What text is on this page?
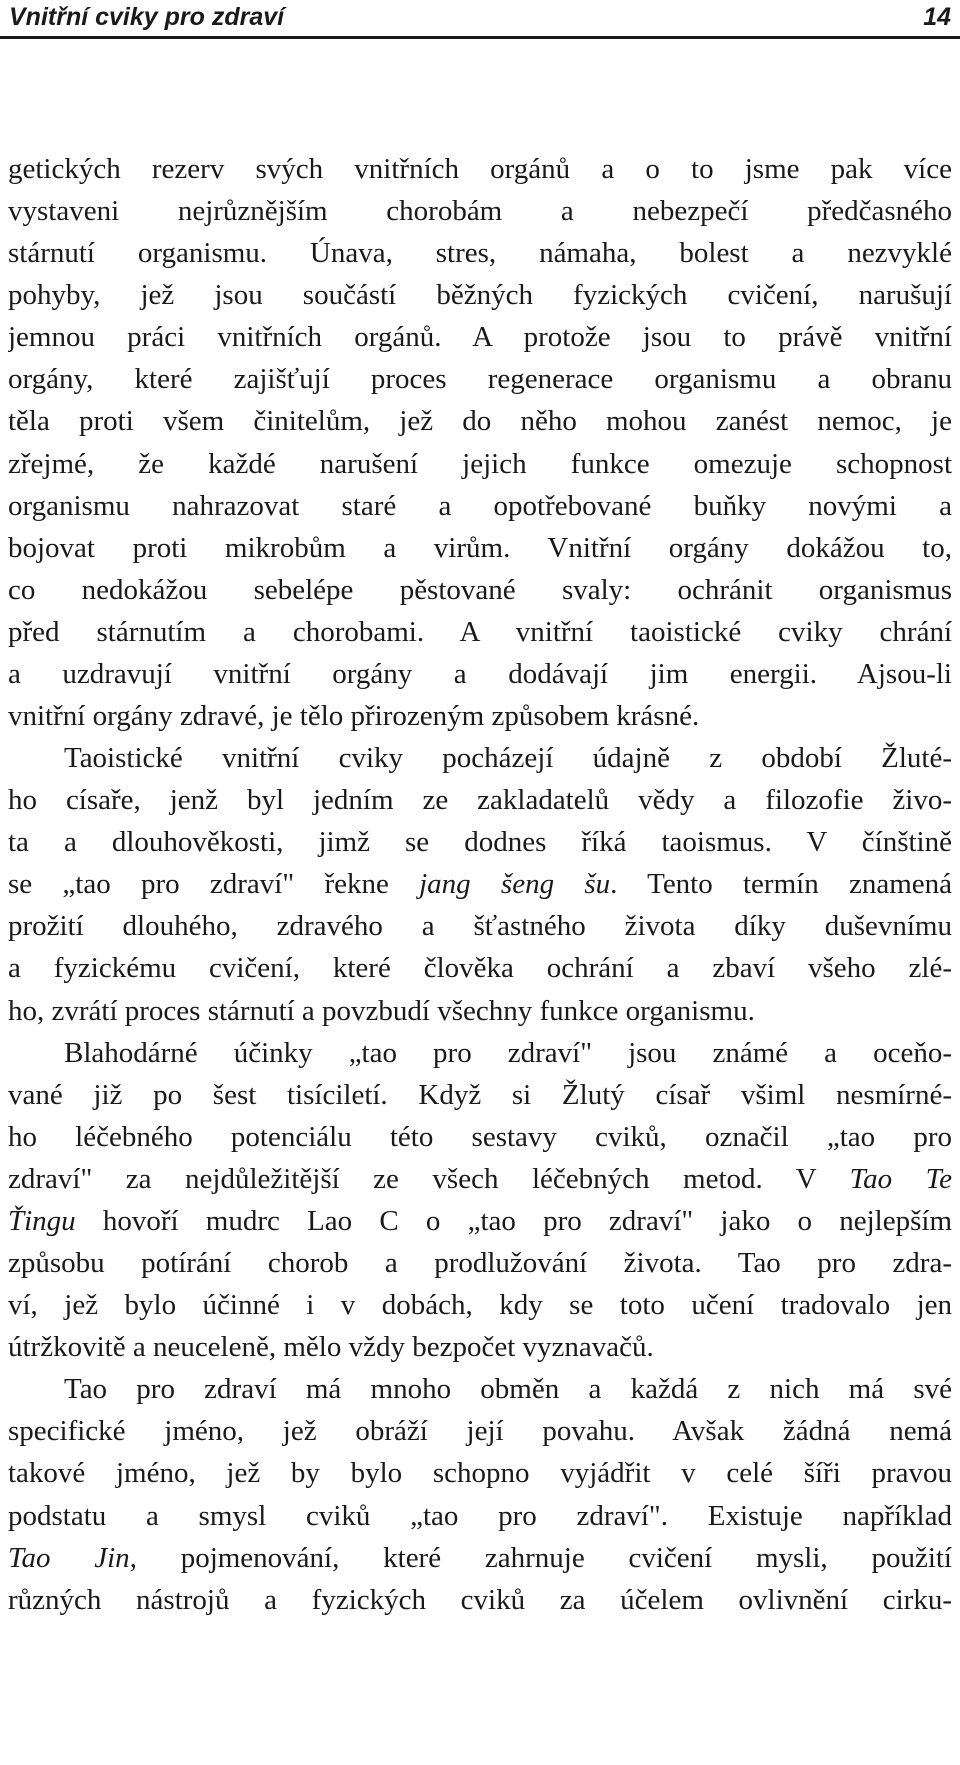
Vnitřní cviky pro zdraví	14
getických rezerv svých vnitřních orgánů a o to jsme pak více
vystaveni nejrůznějším chorobám a nebezpečí předčasného
stárnutí organismu. Únava, stres, námaha, bolest a nezvyklé
pohyby, jež jsou součástí běžných fyzických cvičení, narušují
jemnou práci vnitřních orgánů. A protože jsou to právě vnitřní
orgány, které zajišťují proces regenerace organismu a obranu
těla proti všem činitelům, jež do něho mohou zanést nemoc, je
zřejmé, že každé narušení jejich funkce omezuje schopnost
organismu nahrazovat staré a opotřebované buňky novými a
bojovat proti mikrobům a virům. Vnitřní orgány dokážou to,
co nedokážou sebelépe pěstované svaly: ochránit organismus
před stárnutím a chorobami. A vnitřní taoistické cviky chrání
a uzdravují vnitřní orgány a dodávají jim energii. Ajsou-li
vnitřní orgány zdravé, je tělo přirozeným způsobem krásné.
Taoistické vnitřní cviky pocházejí údajně z období Žluté-
ho císaře, jenž byl jedním ze zakladatelů vědy a filozofie živo-
ta a dlouhověkosti, jimž se dodnes říká taoismus. V čínštině
se „tao pro zdraví" řekne jang šeng šu. Tento termín znamená
prožití dlouhého, zdravého a šťastného života díky duševnímu
a fyzickému cvičení, které člověka ochrání a zbaví všeho zlé-
ho, zvrátí proces stárnutí a povzbudí všechny funkce organismu.
Blahodárné účinky „tao pro zdraví" jsou známé a oceňo-
vané již po šest tisíciletí. Když si Žlutý císař všiml nesmírné-
ho léčebného potenciálu této sestavy cviků, označil „tao pro
zdraví" za nejdůležitější ze všech léčebných metod. V Tao Te
Ťingu hovoří mudrc Lao C o „tao pro zdraví" jako o nejlepším
způsobu potírání chorob a prodlužování života. Tao pro zdra-
ví, jež bylo účinné i v dobách, kdy se toto učení tradovalo jen
útržkovitě a neuceleně, mělo vždy bezpočet vyznavačů.
Tao pro zdraví má mnoho obměn a každá z nich má své
specifické jméno, jež obráží její povahu. Avšak žádná nemá
takové jméno, jež by bylo schopno vyjádřit v celé šíři pravou
podstatu a smysl cviků „tao pro zdraví". Existuje například
Tao Jin, pojmenování, které zahrnuje cvičení mysli, použití
různých nástrojů a fyzických cviků za účelem ovlivnění cirku-
